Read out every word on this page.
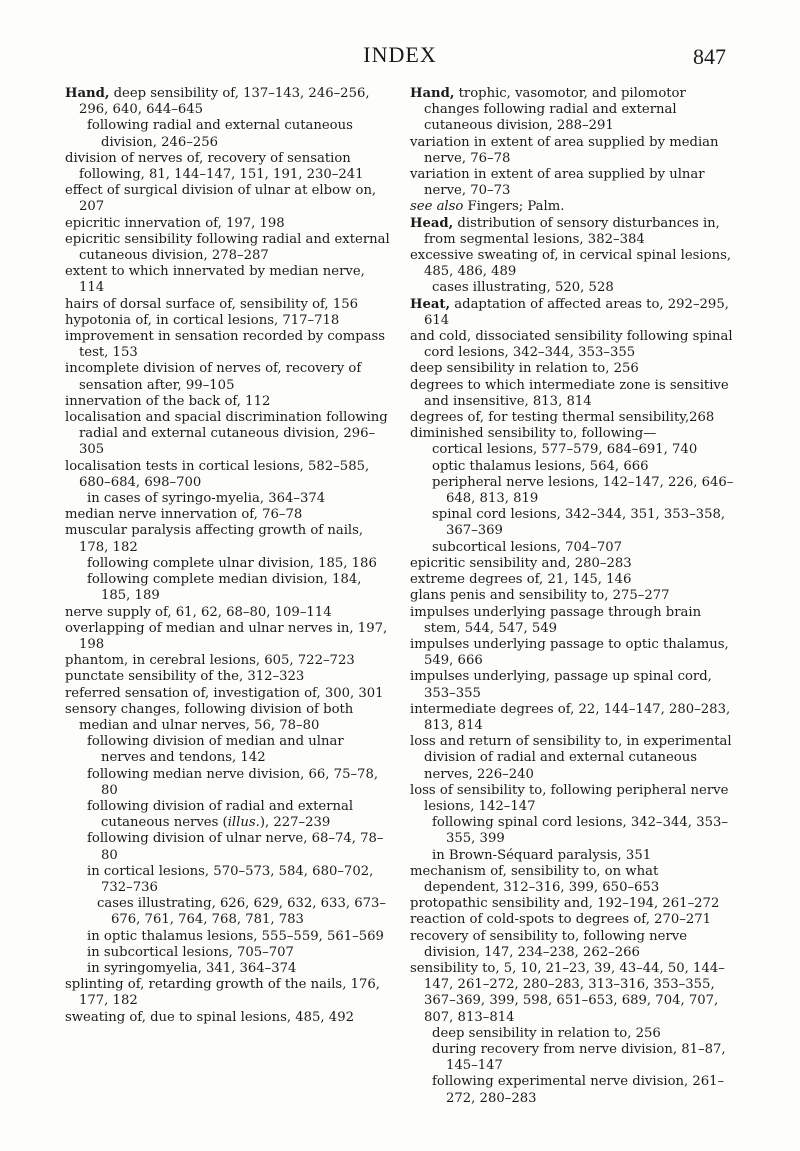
INDEX	847
Hand, deep sensibility of, 137–143, 246–256, 296, 640, 644–645
following radial and external cutaneous division, 246–256
division of nerves of, recovery of sensation following, 81, 144–147, 151, 191, 230–241
effect of surgical division of ulnar at elbow on, 207
epicritic innervation of, 197, 198
epicritic sensibility following radial and external cutaneous division, 278–287
extent to which innervated by median nerve, 114
hairs of dorsal surface of, sensibility of, 156
hypotonia of, in cortical lesions, 717–718
improvement in sensation recorded by compass test, 153
incomplete division of nerves of, recovery of sensation after, 99–105
innervation of the back of, 112
localisation and spacial discrimination following radial and external cutaneous division, 296–305
localisation tests in cortical lesions, 582–585, 680–684, 698–700
in cases of syringo-myelia, 364–374
median nerve innervation of, 76–78
muscular paralysis affecting growth of nails, 178, 182
following complete ulnar division, 185, 186
following complete median division, 184, 185, 189
nerve supply of, 61, 62, 68–80, 109–114
overlapping of median and ulnar nerves in, 197, 198
phantom, in cerebral lesions, 605, 722–723
punctate sensibility of the, 312–323
referred sensation of, investigation of, 300, 301
sensory changes, following division of both median and ulnar nerves, 56, 78–80
following division of median and ulnar nerves and tendons, 142
following median nerve division, 66, 75–78, 80
following division of radial and external cutaneous nerves (illus.), 227–239
following division of ulnar nerve, 68–74, 78–80
in cortical lesions, 570–573, 584, 680–702, 732–736
cases illustrating, 626, 629, 632, 633, 673–676, 761, 764, 768, 781, 783
in optic thalamus lesions, 555–559, 561–569
in subcortical lesions, 705–707
in syringomyelia, 341, 364–374
splinting of, retarding growth of the nails, 176, 177, 182
sweating of, due to spinal lesions, 485, 492
Hand, trophic, vasomotor, and pilomotor changes following radial and external cutaneous division, 288–291
variation in extent of area supplied by median nerve, 76–78
variation in extent of area supplied by ulnar nerve, 70–73
see also Fingers; Palm.
Head, distribution of sensory disturbances in, from segmental lesions, 382–384
excessive sweating of, in cervical spinal lesions, 485, 486, 489
cases illustrating, 520, 528
Heat, adaptation of affected areas to, 292–295, 614
and cold, dissociated sensibility following spinal cord lesions, 342–344, 353–355
deep sensibility in relation to, 256
degrees to which intermediate zone is sensitive and insensitive, 813, 814
degrees of, for testing thermal sensibility,268
diminished sensibility to, following—
cortical lesions, 577–579, 684–691, 740
optic thalamus lesions, 564, 666
peripheral nerve lesions, 142–147, 226, 646–648, 813, 819
spinal cord lesions, 342–344, 351, 353–358, 367–369
subcortical lesions, 704–707
epicritic sensibility and, 280–283
extreme degrees of, 21, 145, 146
glans penis and sensibility to, 275–277
impulses underlying passage through brain stem, 544, 547, 549
impulses underlying passage to optic thalamus, 549, 666
impulses underlying, passage up spinal cord, 353–355
intermediate degrees of, 22, 144–147, 280–283, 813, 814
loss and return of sensibility to, in experimental division of radial and external cutaneous nerves, 226–240
loss of sensibility to, following peripheral nerve lesions, 142–147
following spinal cord lesions, 342–344, 353–355, 399
in Brown-Séquard paralysis, 351
mechanism of, sensibility to, on what dependent, 312–316, 399, 650–653
protopathic sensibility and, 192–194, 261–272
reaction of cold-spots to degrees of, 270–271
recovery of sensibility to, following nerve division, 147, 234–238, 262–266
sensibility to, 5, 10, 21–23, 39, 43–44, 50, 144–147, 261–272, 280–283, 313–316, 353–355, 367–369, 399, 598, 651–653, 689, 704, 707, 807, 813–814
deep sensibility in relation to, 256
during recovery from nerve division, 81–87, 145–147
following experimental nerve division, 261–272, 280–283
